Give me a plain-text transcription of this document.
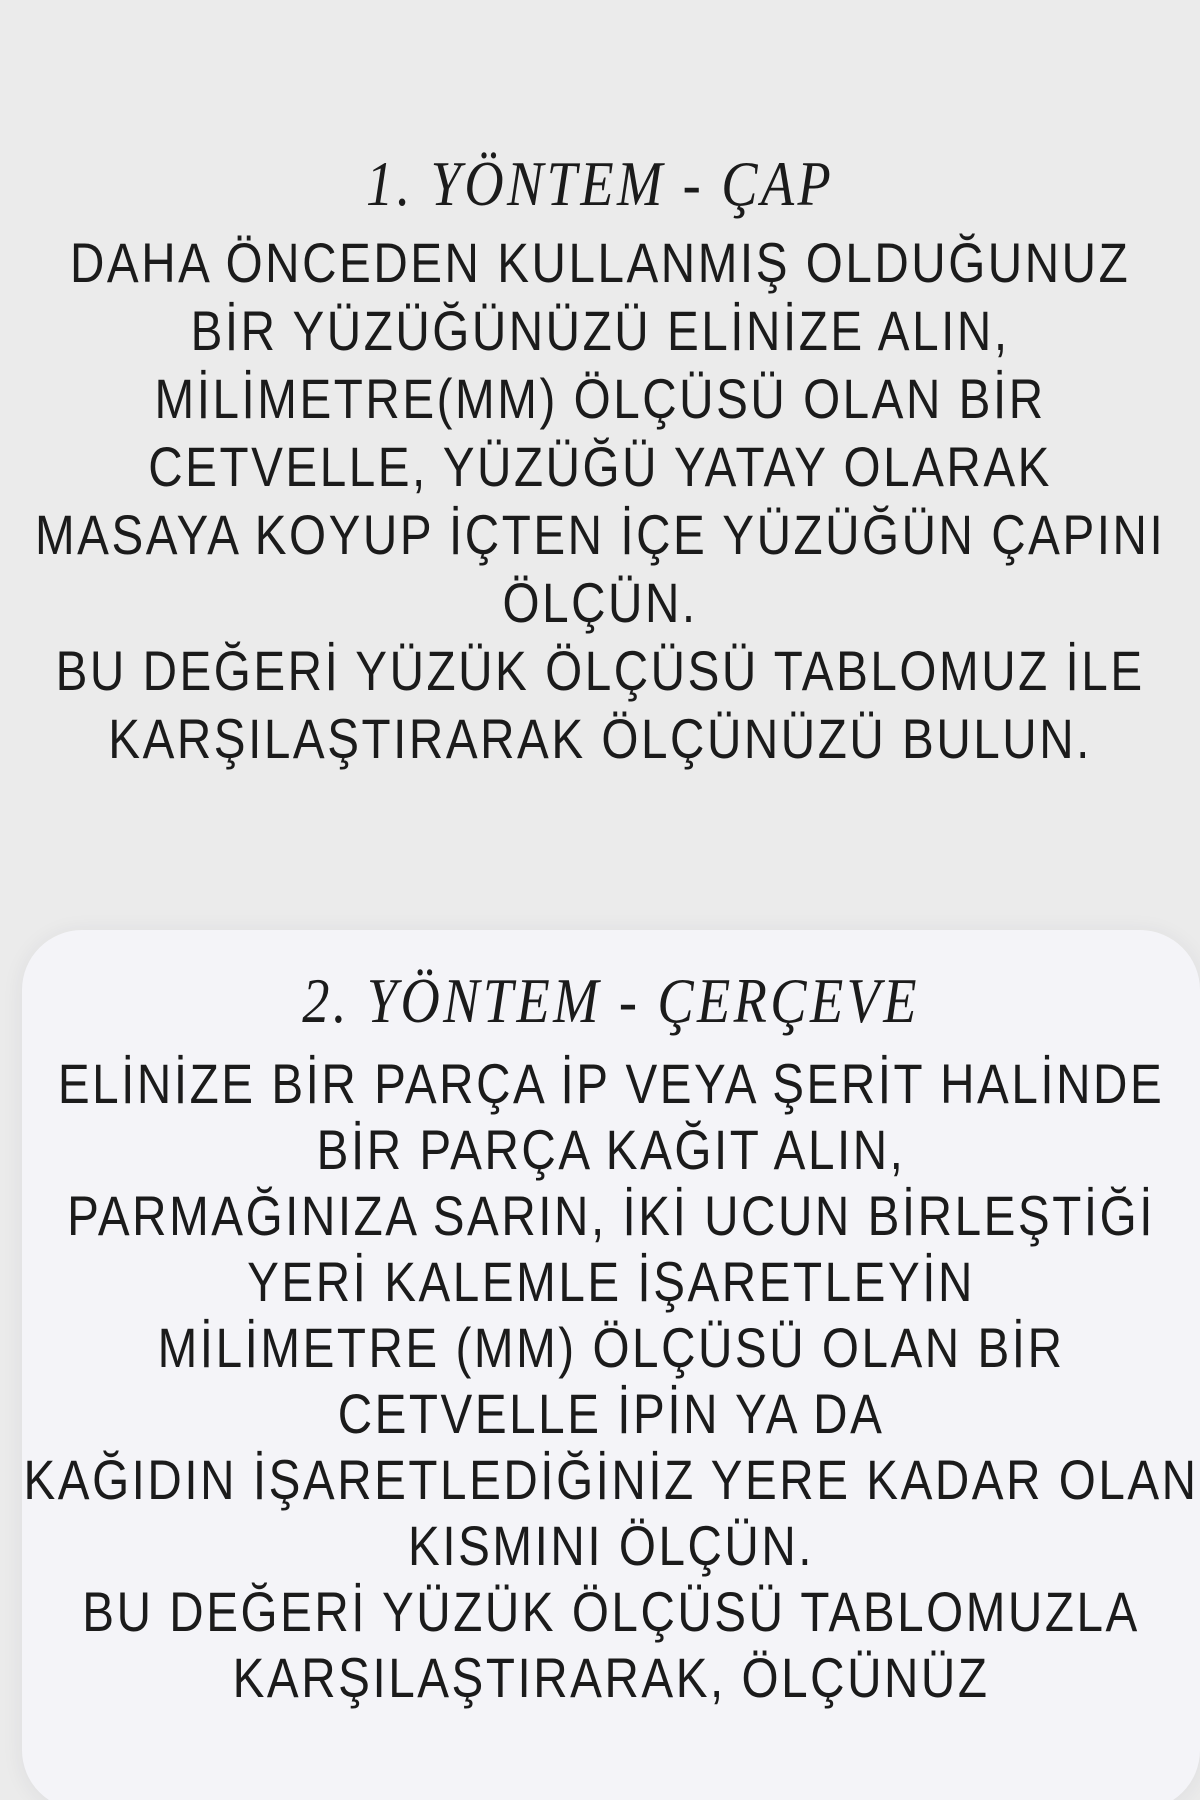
1. YÖNTEM - ÇAP
DAHA ÖNCEDEN KULLANMIŞ OLDUĞUNUZ
BİR YÜZÜĞÜNÜZÜ ELİNİZE ALIN,
MİLİMETRE(MM) ÖLÇÜSÜ OLAN BİR
CETVELLE, YÜZÜĞÜ YATAY OLARAK
MASAYA KOYUP İÇTEN İÇE YÜZÜĞÜN ÇAPINI
ÖLÇÜN.
BU DEĞERİ YÜZÜK ÖLÇÜSÜ TABLOMUZ İLE
KARŞILAŞTIRARAK ÖLÇÜNÜZÜ BULUN.
2. YÖNTEM - ÇERÇEVE
ELİNİZE BİR PARÇA İP VEYA ŞERİT HALİNDE
BİR PARÇA KAĞIT ALIN,
PARMAĞINIZA SARIN, İKİ UCUN BİRLEŞTİĞİ
YERİ KALEMLE İŞARETLEYİN
MİLİMETRE (MM) ÖLÇÜSÜ OLAN BİR
CETVELLE İPİN YA DA
KAĞIDIN İŞARETLEDİĞİNİZ YERE KADAR OLAN
KISMINI ÖLÇÜN.
BU DEĞERİ YÜZÜK ÖLÇÜSÜ TABLOMUZLA
KARŞILAŞTIRARAK, ÖLÇÜNÜZ
